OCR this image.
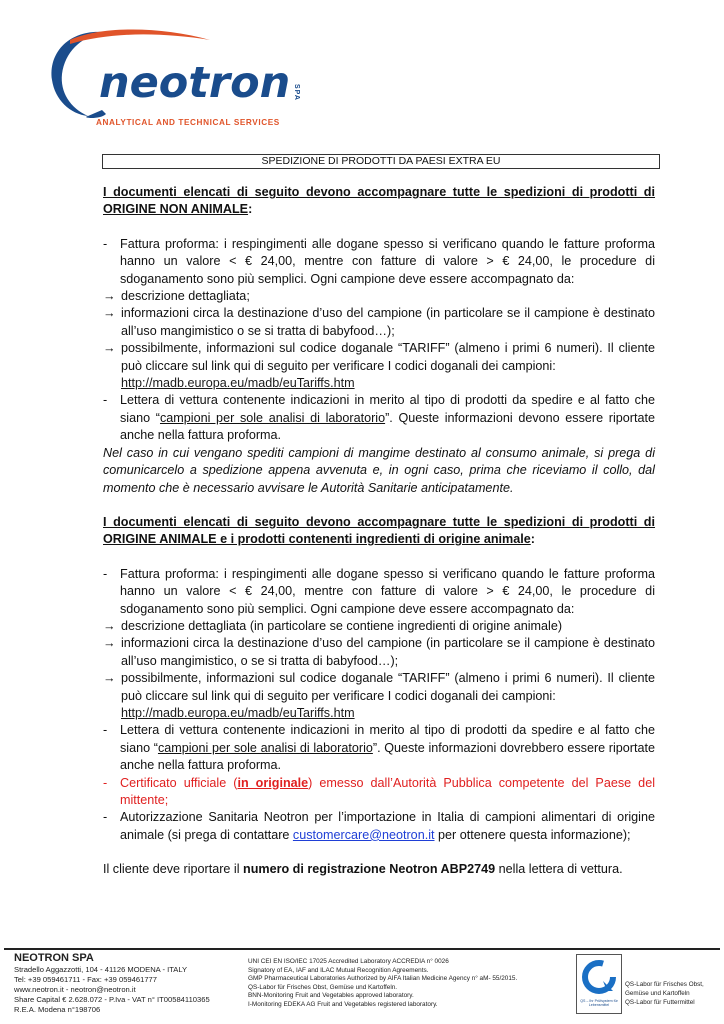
neotron SPA
ANALYTICAL AND TECHNICAL SERVICES
SPEDIZIONE DI PRODOTTI DA PAESI EXTRA EU

I documenti elencati di seguito devono accompagnare tutte le spedizioni di prodotti di ORIGINE NON ANIMALE:

- Fattura proforma: i respingimenti alle dogane spesso si verificano quando le fatture proforma hanno un valore < € 24,00, mentre con fatture di valore > € 24,00, le procedure di sdoganamento sono più semplici. Ogni campione deve essere accompagnato da:

→ descrizione dettagliata;

→ informazioni circa la destinazione d’uso del campione (in particolare se il campione è destinato all’uso mangimistico o se si tratta di babyfood…);

→ possibilmente, informazioni sul codice doganale “TARIFF” (almeno i primi 6 numeri). Il cliente può cliccare sul link qui di seguito per verificare I codici doganali dei campioni:
http://madb.europa.eu/madb/euTariffs.htm

- Lettera di vettura contenente indicazioni in merito al tipo di prodotti da spedire e al fatto che siano “campioni per sole analisi di laboratorio”. Queste informazioni devono essere riportate anche nella fattura proforma.

Nel caso in cui vengano spediti campioni di mangime destinato al consumo animale, si prega di comunicarcelo a spedizione appena avvenuta e, in ogni caso, prima che riceviamo il collo, dal momento che è necessario avvisare le Autorità Sanitarie anticipatamente.

I documenti elencati di seguito devono accompagnare tutte le spedizioni di prodotti di ORIGINE ANIMALE e i prodotti contenenti ingredienti di origine animale:

- Fattura proforma: i respingimenti alle dogane spesso si verificano quando le fatture proforma hanno un valore < € 24,00, mentre con fatture di valore > € 24,00, le procedure di sdoganamento sono più semplici. Ogni campione deve essere accompagnato da:

→ descrizione dettagliata (in particolare se contiene ingredienti di origine animale)

→ informazioni circa la destinazione d’uso del campione (in particolare se il campione è destinato all’uso mangimistico, o se si tratta di babyfood…);

→ possibilmente, informazioni sul codice doganale “TARIFF” (almeno i primi 6 numeri). Il cliente può cliccare sul link qui di seguito per verificare I codici doganali dei campioni:
http://madb.europa.eu/madb/euTariffs.htm

- Lettera di vettura contenente indicazioni in merito al tipo di prodotti da spedire e al fatto che siano “campioni per sole analisi di laboratorio”. Queste informazioni dovrebbero essere riportate anche nella fattura proforma.

- Certificato ufficiale (in originale) emesso dall’Autorità Pubblica competente del Paese del mittente;

- Autorizzazione Sanitaria Neotron per l’importazione in Italia di campioni alimentari di origine animale (si prega di contattare customercare@neotron.it per ottenere questa informazione);

Il cliente deve riportare il numero di registrazione Neotron ABP2749 nella lettera di vettura.

NEOTRON SPA
Stradello Aggazzotti, 104 - 41126 MODENA - ITALY
Tel: +39 059461711 - Fax: +39 059461777
www.neotron.it - neotron@neotron.it
Share Capital € 2.628.072 - P.Iva - VAT n° IT00584110365
R.E.A. Modena n°198706
UNI CEI EN ISO/IEC 17025 Accredited Laboratory ACCREDIA n° 0026
Signatory of EA, IAF and ILAC Mutual Recognition Agreements.
GMP Pharmaceutical Laboratories Authorized by AIFA Italian Medicine Agency n° aM- 55/2015.
QS-Labor für Frisches Obst, Gemüse und Kartoffeln.
BNN-Monitoring Fruit and Vegetables approved laboratory.
I-Monitoring EDEKA AG Fruit and Vegetables registered laboratory.	QS – Ihr Prüfsystem für Lebensmittel
QS-Labor für Frisches Obst,
Gemüse und Kartoffeln
QS-Labor für Futtermittel
